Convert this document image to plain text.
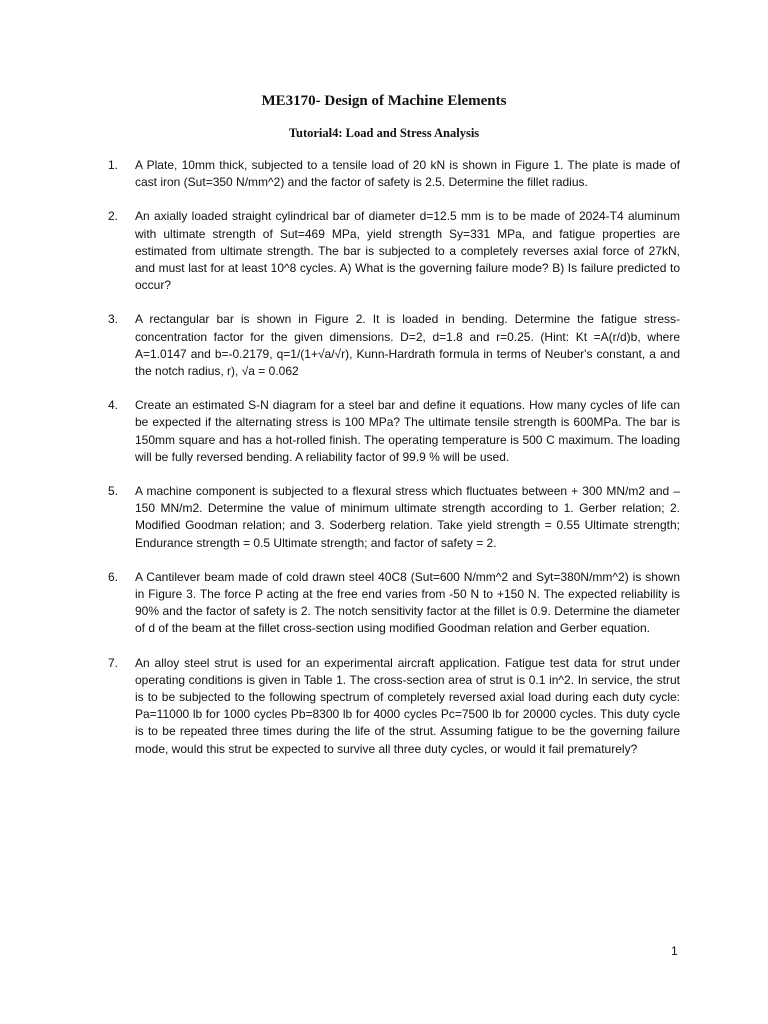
ME3170- Design of Machine Elements
Tutorial4: Load and Stress Analysis
1. A Plate, 10mm thick, subjected to a tensile load of 20 kN is shown in Figure 1. The plate is made of cast iron (Sut=350 N/mm^2) and the factor of safety is 2.5. Determine the fillet radius.
2. An axially loaded straight cylindrical bar of diameter d=12.5 mm is to be made of 2024-T4 aluminum with ultimate strength of Sut=469 MPa, yield strength Sy=331 MPa, and fatigue properties are estimated from ultimate strength. The bar is subjected to a completely reverses axial force of 27kN, and must last for at least 10^8 cycles. A) What is the governing failure mode? B) Is failure predicted to occur?
3. A rectangular bar is shown in Figure 2. It is loaded in bending. Determine the fatigue stress-concentration factor for the given dimensions. D=2, d=1.8 and r=0.25. (Hint: Kt =A(r/d)b, where A=1.0147 and b=-0.2179, q=1/(1+√a/√r), Kunn-Hardrath formula in terms of Neuber's constant, a and the notch radius, r), √a = 0.062
4. Create an estimated S-N diagram for a steel bar and define it equations. How many cycles of life can be expected if the alternating stress is 100 MPa? The ultimate tensile strength is 600MPa. The bar is 150mm square and has a hot-rolled finish. The operating temperature is 500 C maximum. The loading will be fully reversed bending. A reliability factor of 99.9 % will be used.
5. A machine component is subjected to a flexural stress which fluctuates between + 300 MN/m2 and – 150 MN/m2. Determine the value of minimum ultimate strength according to 1. Gerber relation; 2. Modified Goodman relation; and 3. Soderberg relation. Take yield strength = 0.55 Ultimate strength; Endurance strength = 0.5 Ultimate strength; and factor of safety = 2.
6. A Cantilever beam made of cold drawn steel 40C8 (Sut=600 N/mm^2 and Syt=380N/mm^2) is shown in Figure 3. The force P acting at the free end varies from -50 N to +150 N. The expected reliability is 90% and the factor of safety is 2. The notch sensitivity factor at the fillet is 0.9. Determine the diameter of d of the beam at the fillet cross-section using modified Goodman relation and Gerber equation.
7. An alloy steel strut is used for an experimental aircraft application. Fatigue test data for strut under operating conditions is given in Table 1. The cross-section area of strut is 0.1 in^2. In service, the strut is to be subjected to the following spectrum of completely reversed axial load during each duty cycle: Pa=11000 lb for 1000 cycles Pb=8300 lb for 4000 cycles Pc=7500 lb for 20000 cycles. This duty cycle is to be repeated three times during the life of the strut. Assuming fatigue to be the governing failure mode, would this strut be expected to survive all three duty cycles, or would it fail prematurely?
1
